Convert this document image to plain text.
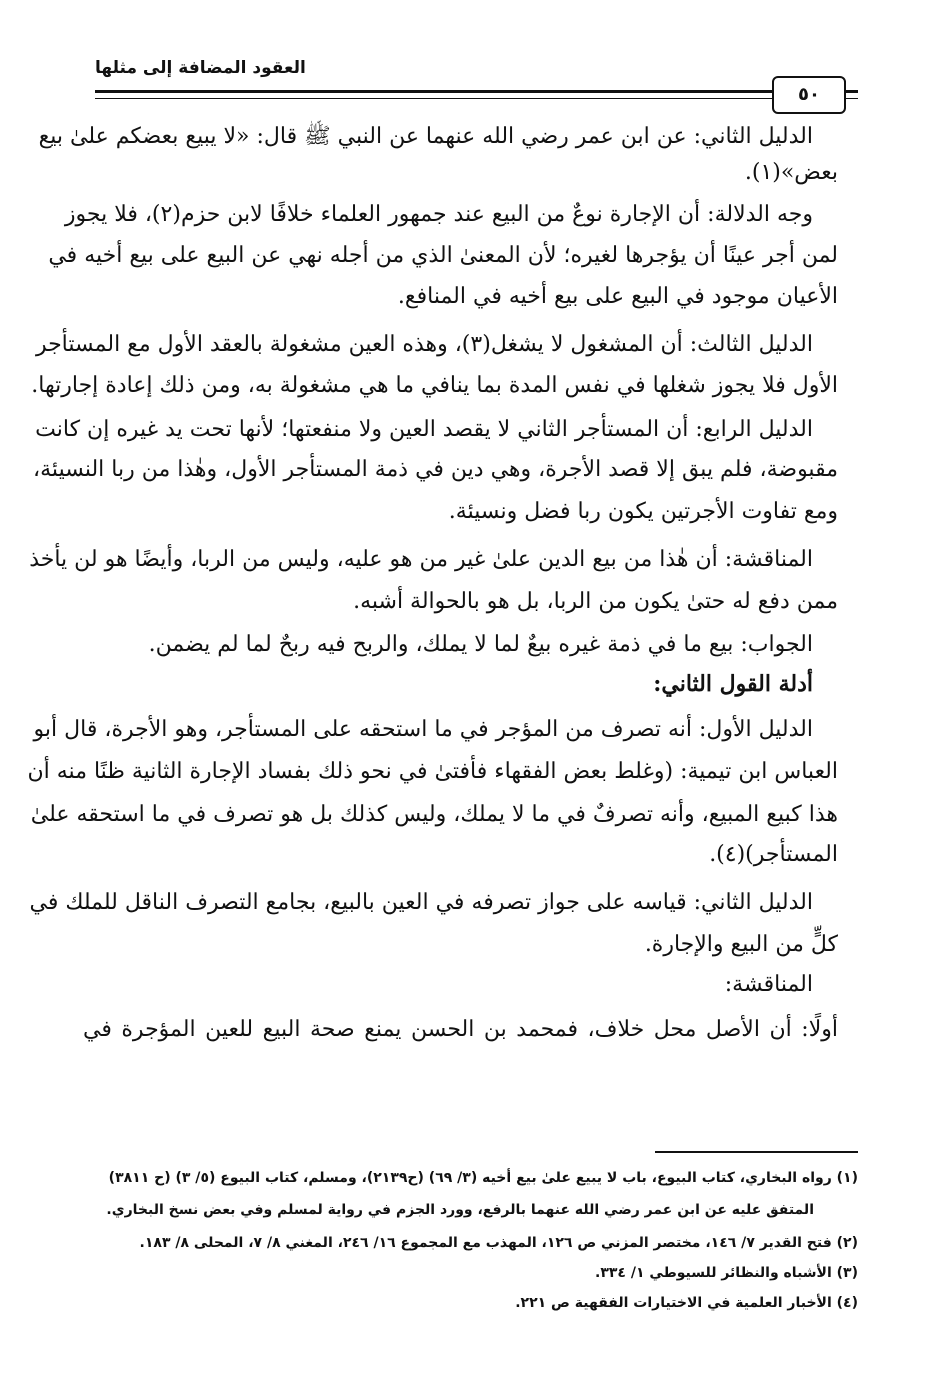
العقود المضافة إلى مثلها
٥٠
الدليل الثاني: عن ابن عمر رضي الله عنهما عن النبي ﷺ قال: «لا يبيع بعضكم علىٰ بيع
بعض»(١).
وجه الدلالة: أن الإجارة نوعٌ من البيع عند جمهور العلماء خلافًا لابن حزم(٢)، فلا يجوز
لمن أجر عينًا أن يؤجرها لغيره؛ لأن المعنىٰ الذي من أجله نهي عن البيع على بيع أخيه في
الأعيان موجود في البيع على بيع أخيه في المنافع.
الدليل الثالث: أن المشغول لا يشغل(٣)، وهذه العين مشغولة بالعقد الأول مع المستأجر
الأول فلا يجوز شغلها في نفس المدة بما ينافي ما هي مشغولة به، ومن ذلك إعادة إجارتها.
الدليل الرابع: أن المستأجر الثاني لا يقصد العين ولا منفعتها؛ لأنها تحت يد غيره إن كانت
مقبوضة، فلم يبق إلا قصد الأجرة، وهي دين في ذمة المستأجر الأول، وهٰذا من ربا النسيئة،
ومع تفاوت الأجرتين يكون ربا فضل ونسيئة.
المناقشة: أن هٰذا من بيع الدين علىٰ غير من هو عليه، وليس من الربا، وأيضًا هو لن يأخذ
ممن دفع له حتىٰ يكون من الربا، بل هو بالحوالة أشبه.
الجواب: بيع ما في ذمة غيره بيعٌ لما لا يملك، والربح فيه ربحٌ لما لم يضمن.
أدلة القول الثاني:
الدليل الأول: أنه تصرف من المؤجر في ما استحقه على المستأجر، وهو الأجرة، قال أبو
العباس ابن تيمية: (وغلط بعض الفقهاء فأفتىٰ في نحو ذلك بفساد الإجارة الثانية ظنًا منه أن
هذا كبيع المبيع، وأنه تصرفٌ في ما لا يملك، وليس كذلك بل هو تصرف في ما استحقه علىٰ
المستأجر)(٤).
الدليل الثاني: قياسه على جواز تصرفه في العين بالبيع، بجامع التصرف الناقل للملك في
كلٍّ من البيع والإجارة.
المناقشة:
أولًا: أن الأصل محل خلاف، فمحمد بن الحسن يمنع صحة البيع للعين المؤجرة في
(١) رواه البخاري، كتاب البيوع، باب لا يبيع علىٰ بيع أخيه (٣/ ٦٩) (ح٢١٣٩)، ومسلم، كتاب البيوع (٥/ ٣) (ح ٣٨١١)
المتفق عليه عن ابن عمر رضي الله عنهما بالرفع، وورد الجزم في رواية لمسلم وفي بعض نسخ البخاري.
(٢) فتح القدير ٧/ ١٤٦، مختصر المزني ص ١٢٦، المهذب مع المجموع ١٦/ ٢٤٦، المغني ٨/ ٧، المحلى ٨/ ١٨٣.
(٣) الأشباه والنظائر للسيوطي ١/ ٣٣٤.
(٤) الأخبار العلمية في الاختيارات الفقهية ص ٢٢١.
